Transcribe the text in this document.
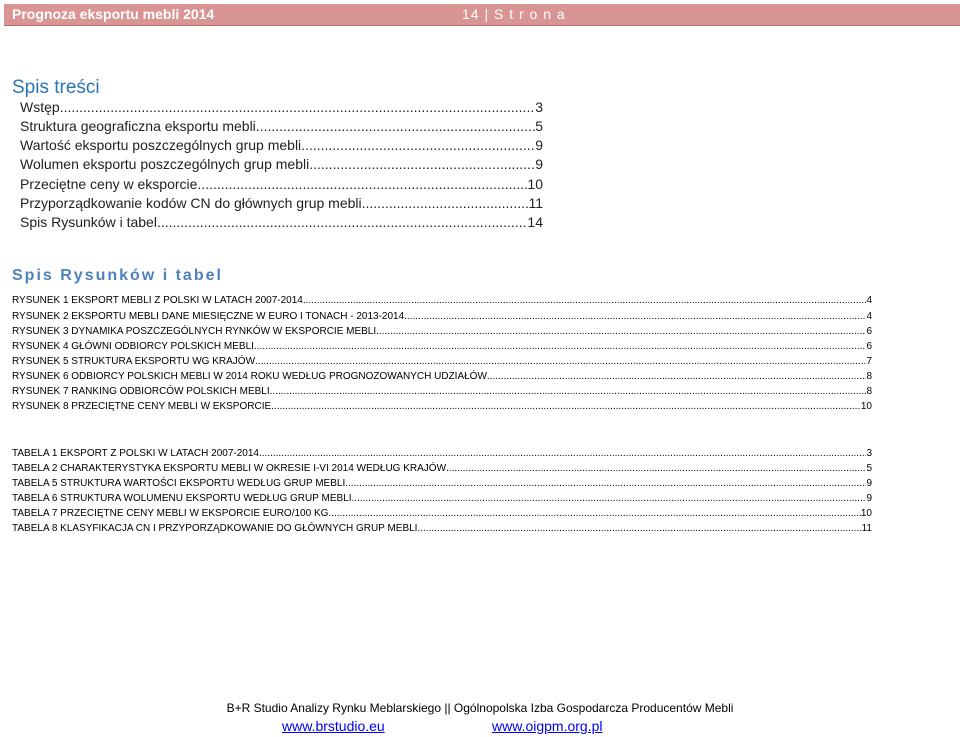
Prognoza eksportu mebli 2014	14 | S t r o n a
Spis treści
Wstęp .....	3
Struktura geograficzna eksportu mebli .....	5
Wartość eksportu poszczególnych grup mebli .....	9
Wolumen eksportu poszczególnych grup mebli .....	9
Przeciętne ceny w eksporcie .....	10
Przyporządkowanie kodów CN do głównych grup mebli .....	11
Spis Rysunków i tabel .....	14
Spis Rysunków i tabel
RYSUNEK 1 EKSPORT MEBLI Z POLSKI W LATACH 2007-2014 .....	4
RYSUNEK 2 EKSPORTU MEBLI DANE MIESIĘCZNE W EURO I TONACH - 2013-2014 .....	4
RYSUNEK 3 DYNAMIKA POSZCZEGÓLNYCH RYNKÓW W EKSPORCIE MEBLI .....	6
RYSUNEK 4 GŁÓWNI ODBIORCY POLSKICH MEBLI .....	6
RYSUNEK 5 STRUKTURA EKSPORTU WG KRAJÓW .....	7
RYSUNEK 6 ODBIORCY POLSKICH MEBLI W 2014 ROKU WEDŁUG PROGNOZOWANYCH UDZIAŁÓW .....	8
RYSUNEK 7 RANKING ODBIORCÓW POLSKICH MEBLI .....	8
RYSUNEK 8 PRZECIĘTNE CENY MEBLI W EKSPORCIE .....	10
TABELA 1 EKSPORT Z POLSKI W LATACH 2007-2014 .....	3
TABELA 2 CHARAKTERYSTYKA EKSPORTU MEBLI W OKRESIE I-VI 2014 WEDŁUG KRAJÓW .....	5
TABELA 5 STRUKTURA WARTOŚCI EKSPORTU WEDŁUG GRUP MEBLI .....	9
TABELA 6 STRUKTURA WOLUMENU EKSPORTU WEDŁUG GRUP MEBLI .....	9
TABELA 7 PRZECIĘTNE CENY MEBLI W EKSPORCIE EURO/100 KG. .....	10
TABELA 8 KLASYFIKACJA CN I PRZYPORZĄDKOWANIE DO GŁÓWNYCH GRUP MEBLI. .....	11
B+R Studio Analizy Rynku Meblarskiego || Ogólnopolska Izba Gospodarcza Producentów Mebli
www.brstudio.eu	www.oigpm.org.pl
